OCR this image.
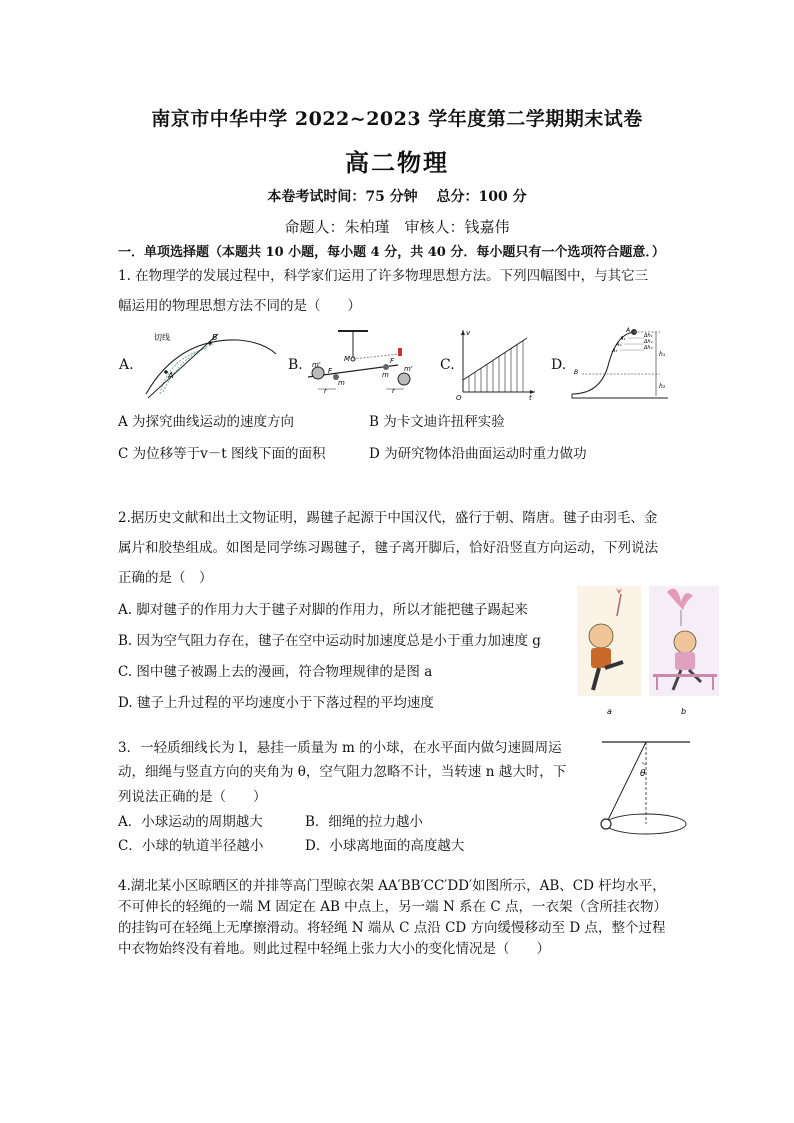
南京市中华中学 2022~2023 学年度第二学期期末试卷
高二物理
本卷考试时间：75 分钟　 总分：100 分
命题人：朱柏瑾　审核人：钱嘉伟
一．单项选择题（本题共 10 小题，每小题 4 分，共 40 分．每小题只有一个选项符合题意．）
1. 在物理学的发展过程中，科学家们运用了许多物理思想方法。下列四幅图中，与其它三
幅运用的物理思想方法不同的是（　　）
A.	B.	C.	D.
切线
A
B
m'	m'
m
m
M
F
F
r	r
v
t
O
A
B
A₁
A₂
A₃
Δh₁
Δh₂
Δh₃
h₁
h₂
A 为探究曲线运动的速度方向	B 为卡文迪许扭秤实验
C 为位移等于v－t 图线下面的面积	D 为研究物体沿曲面运动时重力做功
2.据历史文献和出土文物证明，踢毽子起源于中国汉代，盛行于朝、隋唐。毽子由羽毛、金
属片和胶垫组成。如图是同学练习踢毽子，毽子离开脚后，恰好沿竖直方向运动，下列说法
正确的是（　）
A. 脚对毽子的作用力大于毽子对脚的作用力，所以才能把毽子踢起来
B. 因为空气阻力存在，毽子在空中运动时加速度总是小于重力加速度 g
C. 图中毽子被踢上去的漫画，符合物理规律的是图 a
D. 毽子上升过程的平均速度小于下落过程的平均速度
a	b
3．一轻质细线长为 l，悬挂一质量为 m 的小球，在水平面内做匀速圆周运
动，细绳与竖直方向的夹角为 θ，空气阻力忽略不计，当转速 n 越大时，下
列说法正确的是（　　）
A．小球运动的周期越大	B．细绳的拉力越小
C．小球的轨道半径越小	D．小球离地面的高度越大
θ
4.湖北某小区晾晒区的并排等高门型晾衣架 AA′BB′CC′DD′如图所示，AB、CD 杆均水平，
不可伸长的轻绳的一端 M 固定在 AB 中点上，另一端 N 系在 C 点，一衣架（含所挂衣物）
的挂钩可在轻绳上无摩擦滑动。将轻绳 N 端从 C 点沿 CD 方向缓慢移动至 D 点，整个过程
中衣物始终没有着地。则此过程中轻绳上张力大小的变化情况是（　　）
